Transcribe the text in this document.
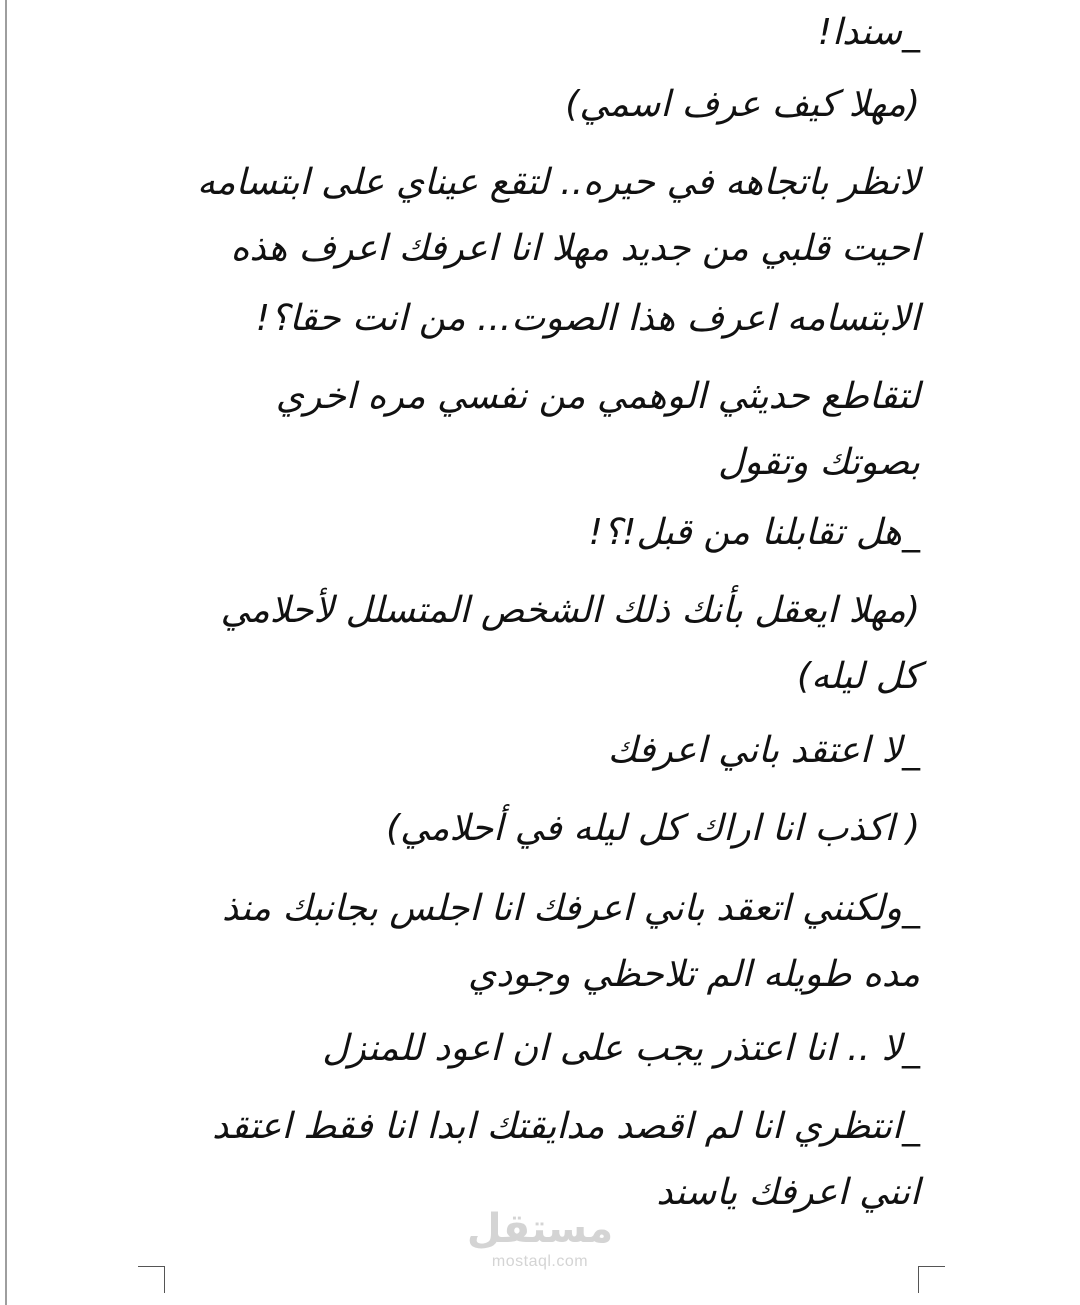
_سندا!
(مهلا كيف عرف اسمي)
لانظر باتجاهه في حيره.. لتقع عيناي على ابتسامه
احيت قلبي من جديد مهلا انا اعرفك اعرف هذه
الابتسامه اعرف هذا الصوت... من انت حقا؟!
لتقاطع حديثي الوهمي من نفسي مره اخري
بصوتك وتقول
_هل تقابلنا من قبل!؟!
(مهلا ايعقل بأنك ذلك الشخص المتسلل لأحلامي
كل ليله)
_لا اعتقد باني اعرفك
( اكذب انا اراك كل ليله في أحلامي)
_ولكنني اتعقد باني اعرفك انا اجلس بجانبك منذ
مده طويله الم تلاحظي وجودي
_لا .. انا اعتذر يجب على ان اعود للمنزل
_انتظري انا لم اقصد مدايقتك ابدا انا فقط اعتقد
انني اعرفك ياسند
مستقل
mostaql.com
